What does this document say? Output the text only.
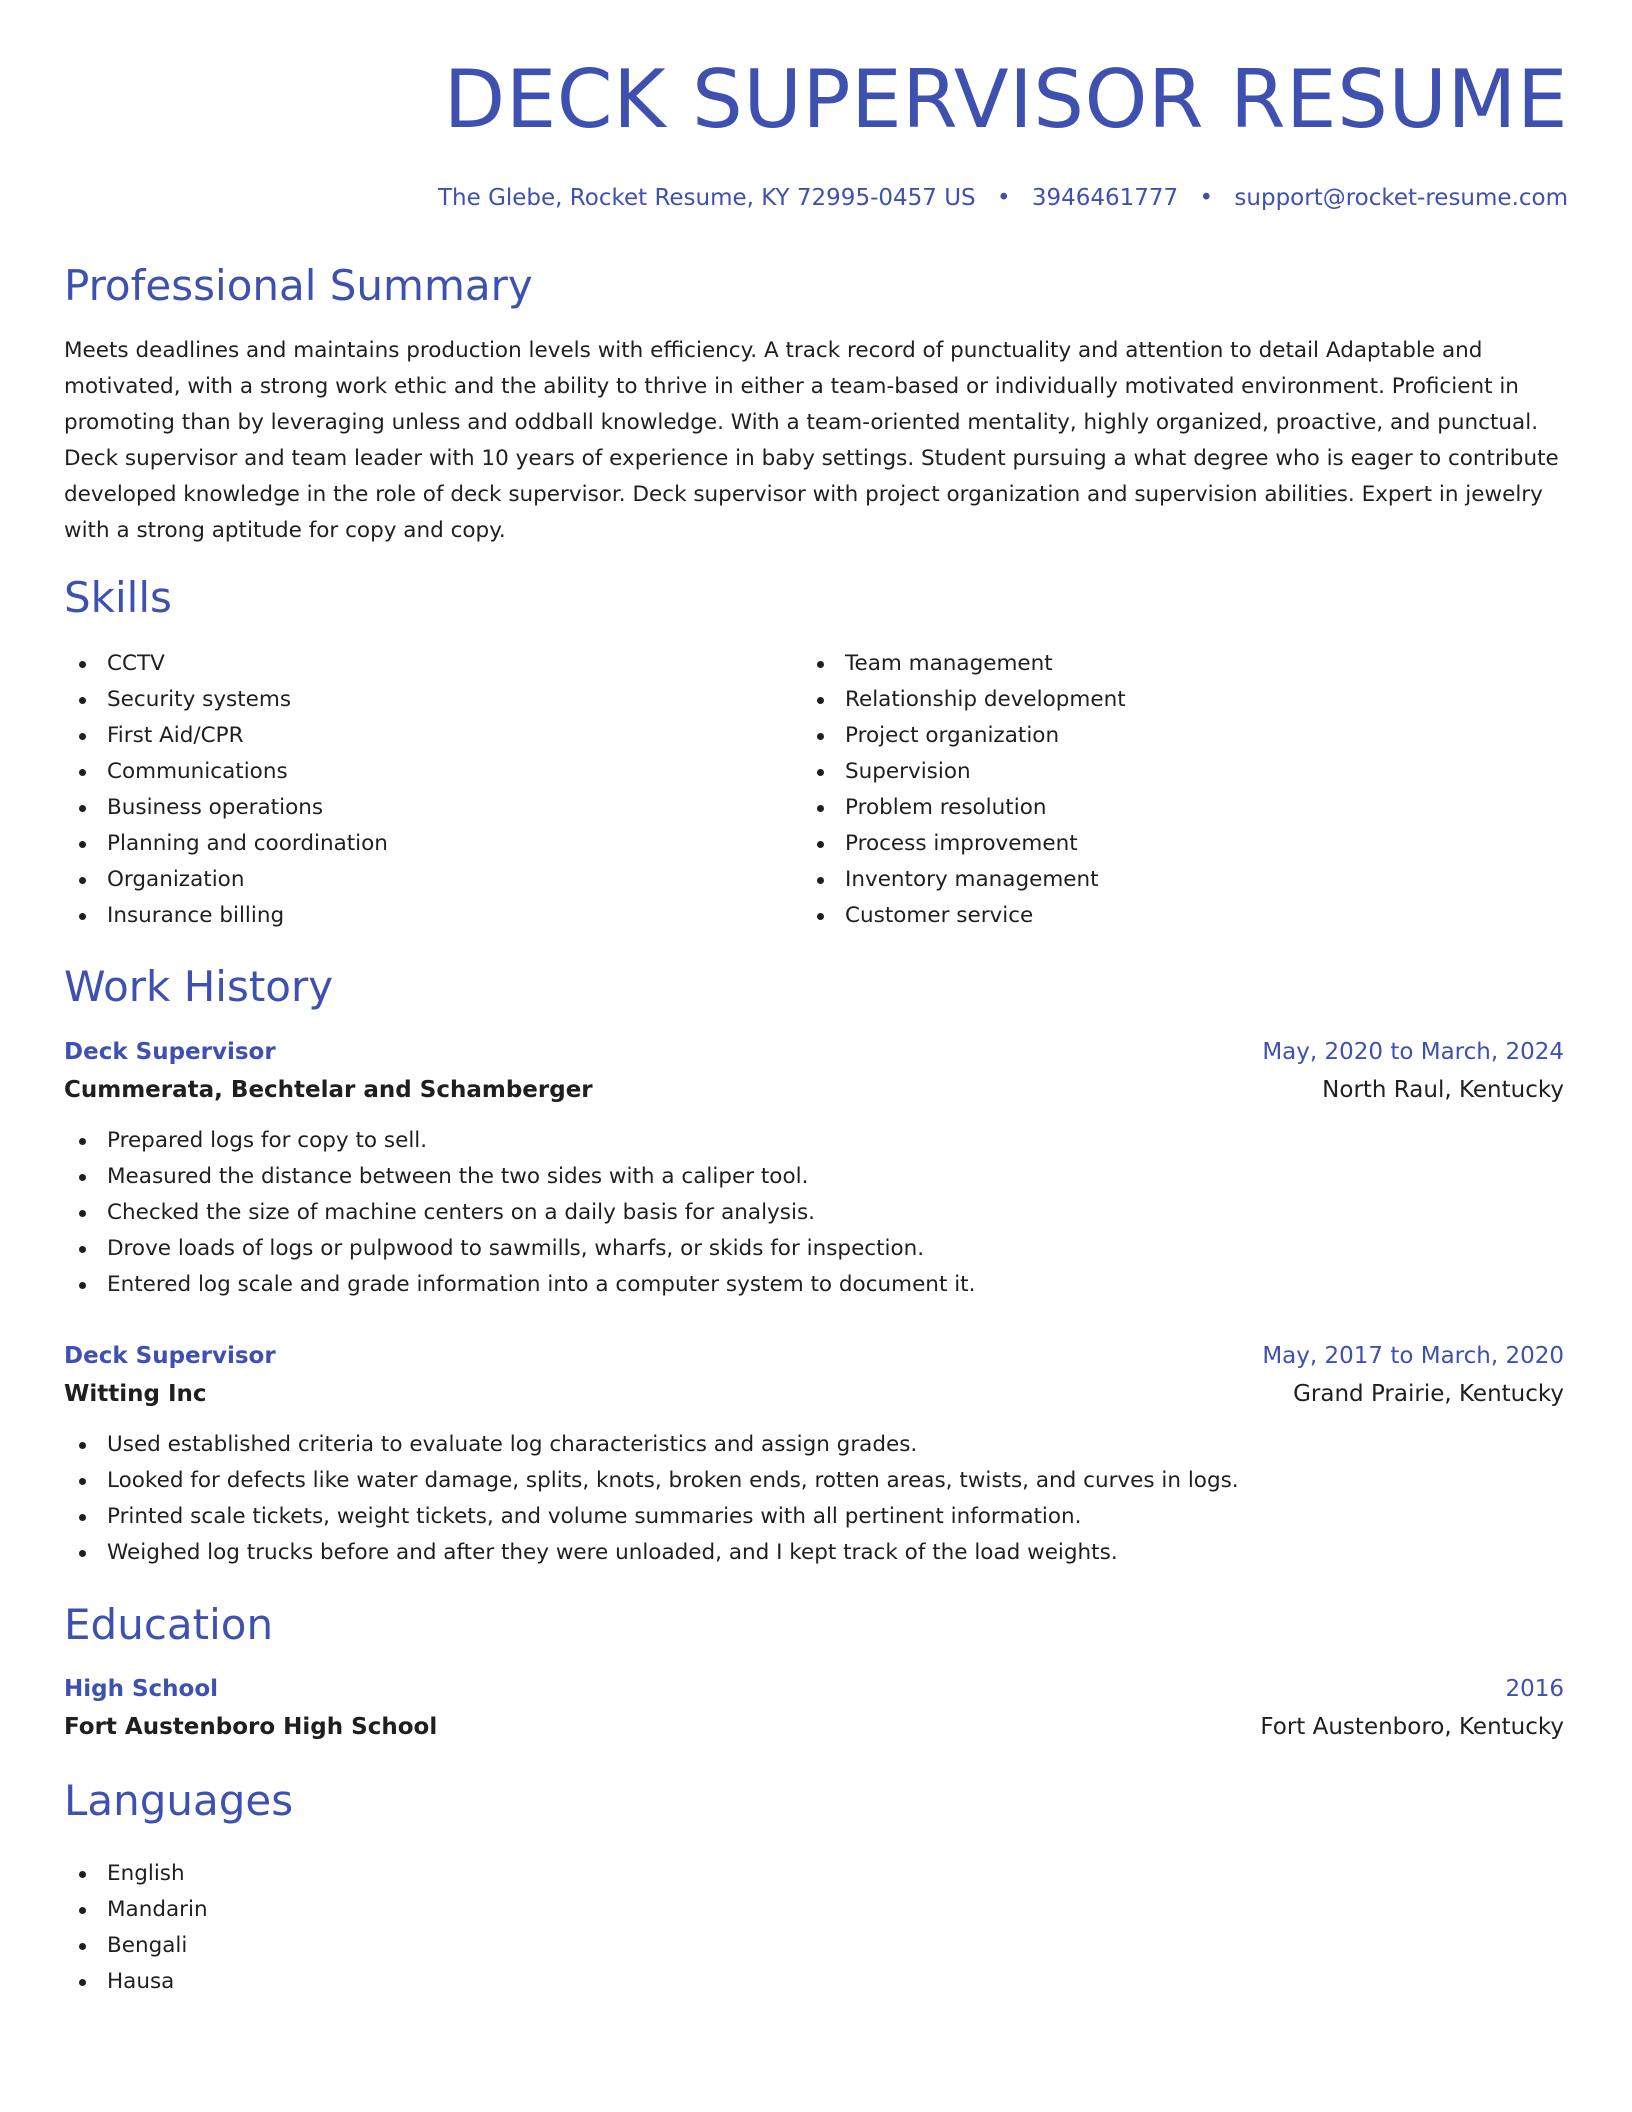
DECK SUPERVISOR RESUME
The Glebe, Rocket Resume, KY 72995-0457 US • 3946461777 • support@rocket-resume.com
Professional Summary

Meets deadlines and maintains production levels with efficiency. A track record of punctuality and attention to detail Adaptable and motivated, with a strong work ethic and the ability to thrive in either a team-based or individually motivated environment. Proficient in promoting than by leveraging unless and oddball knowledge. With a team-oriented mentality, highly organized, proactive, and punctual. Deck supervisor and team leader with 10 years of experience in baby settings. Student pursuing a what degree who is eager to contribute developed knowledge in the role of deck supervisor. Deck supervisor with project organization and supervision abilities. Expert in jewelry with a strong aptitude for copy and copy.

Skills
CCTV
Security systems
First Aid/CPR
Communications
Business operations
Planning and coordination
Organization
Insurance billing
Team management
Relationship development
Project organization
Supervision
Problem resolution
Process improvement
Inventory management
Customer service
Work History
Deck Supervisor	May, 2020 to March, 2024
Cummerata, Bechtelar and Schamberger	North Raul, Kentucky
Prepared logs for copy to sell.
Measured the distance between the two sides with a caliper tool.
Checked the size of machine centers on a daily basis for analysis.
Drove loads of logs or pulpwood to sawmills, wharfs, or skids for inspection.
Entered log scale and grade information into a computer system to document it.
Deck Supervisor	May, 2017 to March, 2020
Witting Inc	Grand Prairie, Kentucky
Used established criteria to evaluate log characteristics and assign grades.
Looked for defects like water damage, splits, knots, broken ends, rotten areas, twists, and curves in logs.
Printed scale tickets, weight tickets, and volume summaries with all pertinent information.
Weighed log trucks before and after they were unloaded, and I kept track of the load weights.
Education
High School	2016
Fort Austenboro High School	Fort Austenboro, Kentucky
Languages
English
Mandarin
Bengali
Hausa
